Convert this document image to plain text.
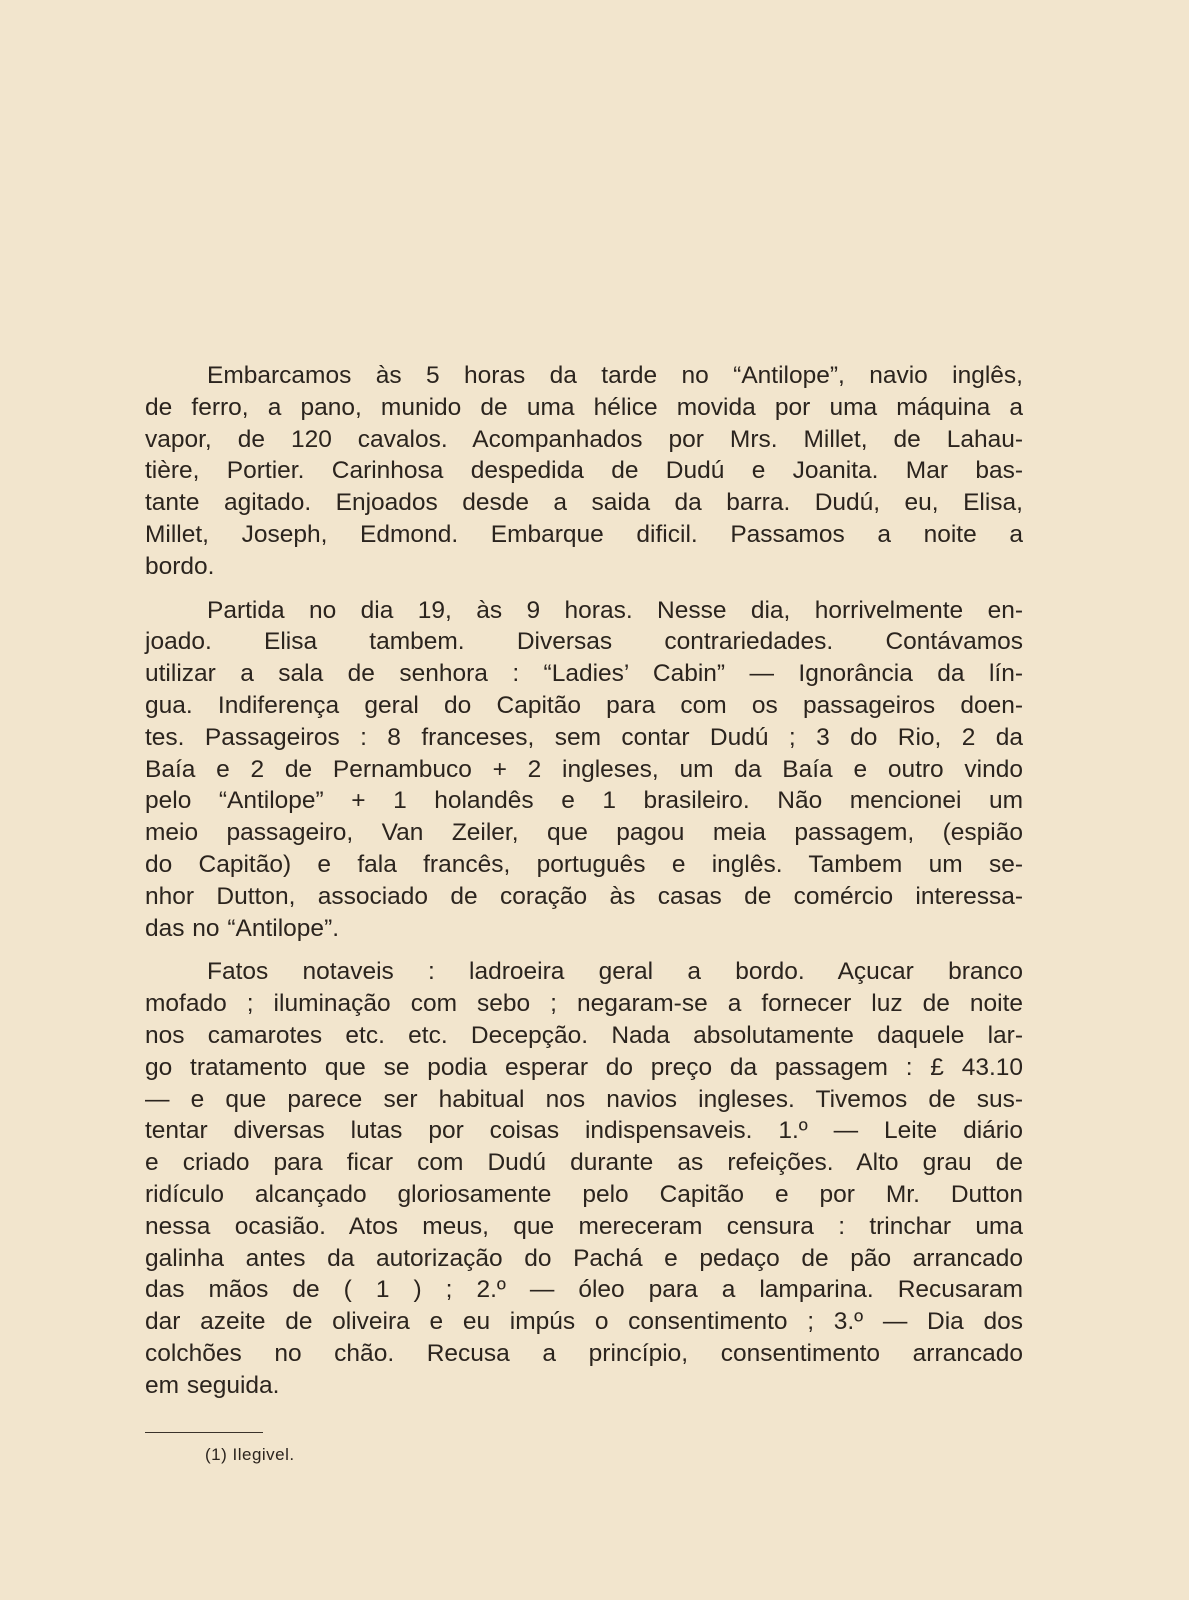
Embarcamos às 5 horas da tarde no “Antilope”, navio inglês,
de ferro, a pano, munido de uma hélice movida por uma máquina a
vapor, de 120 cavalos. Acompanhados por Mrs. Millet, de Lahau-
tière, Portier. Carinhosa despedida de Dudú e Joanita. Mar bas-
tante agitado. Enjoados desde a saida da barra. Dudú, eu, Elisa,
Millet, Joseph, Edmond. Embarque dificil. Passamos a noite a
bordo.
Partida no dia 19, às 9 horas. Nesse dia, horrivelmente en-
joado. Elisa tambem. Diversas contrariedades. Contávamos
utilizar a sala de senhora : “Ladies’ Cabin” — Ignorância da lín-
gua. Indiferença geral do Capitão para com os passageiros doen-
tes. Passageiros : 8 franceses, sem contar Dudú ; 3 do Rio, 2 da
Baía e 2 de Pernambuco + 2 ingleses, um da Baía e outro vindo
pelo “Antilope” + 1 holandês e 1 brasileiro. Não mencionei um
meio passageiro, Van Zeiler, que pagou meia passagem, (espião
do Capitão) e fala francês, português e inglês. Tambem um se-
nhor Dutton, associado de coração às casas de comércio interessa-
das no “Antilope”.
Fatos notaveis : ladroeira geral a bordo. Açucar branco
mofado ; iluminação com sebo ; negaram-se a fornecer luz de noite
nos camarotes etc. etc. Decepção. Nada absolutamente daquele lar-
go tratamento que se podia esperar do preço da passagem : £ 43.10
— e que parece ser habitual nos navios ingleses. Tivemos de sus-
tentar diversas lutas por coisas indispensaveis. 1.º — Leite diário
e criado para ficar com Dudú durante as refeições. Alto grau de
ridículo alcançado gloriosamente pelo Capitão e por Mr. Dutton
nessa ocasião. Atos meus, que mereceram censura : trinchar uma
galinha antes da autorização do Pachá e pedaço de pão arrancado
das mãos de ( 1 ) ; 2.º — óleo para a lamparina. Recusaram
dar azeite de oliveira e eu impús o consentimento ; 3.º — Dia dos
colchões no chão. Recusa a princípio, consentimento arrancado
em seguida.
(1) Ilegivel.
